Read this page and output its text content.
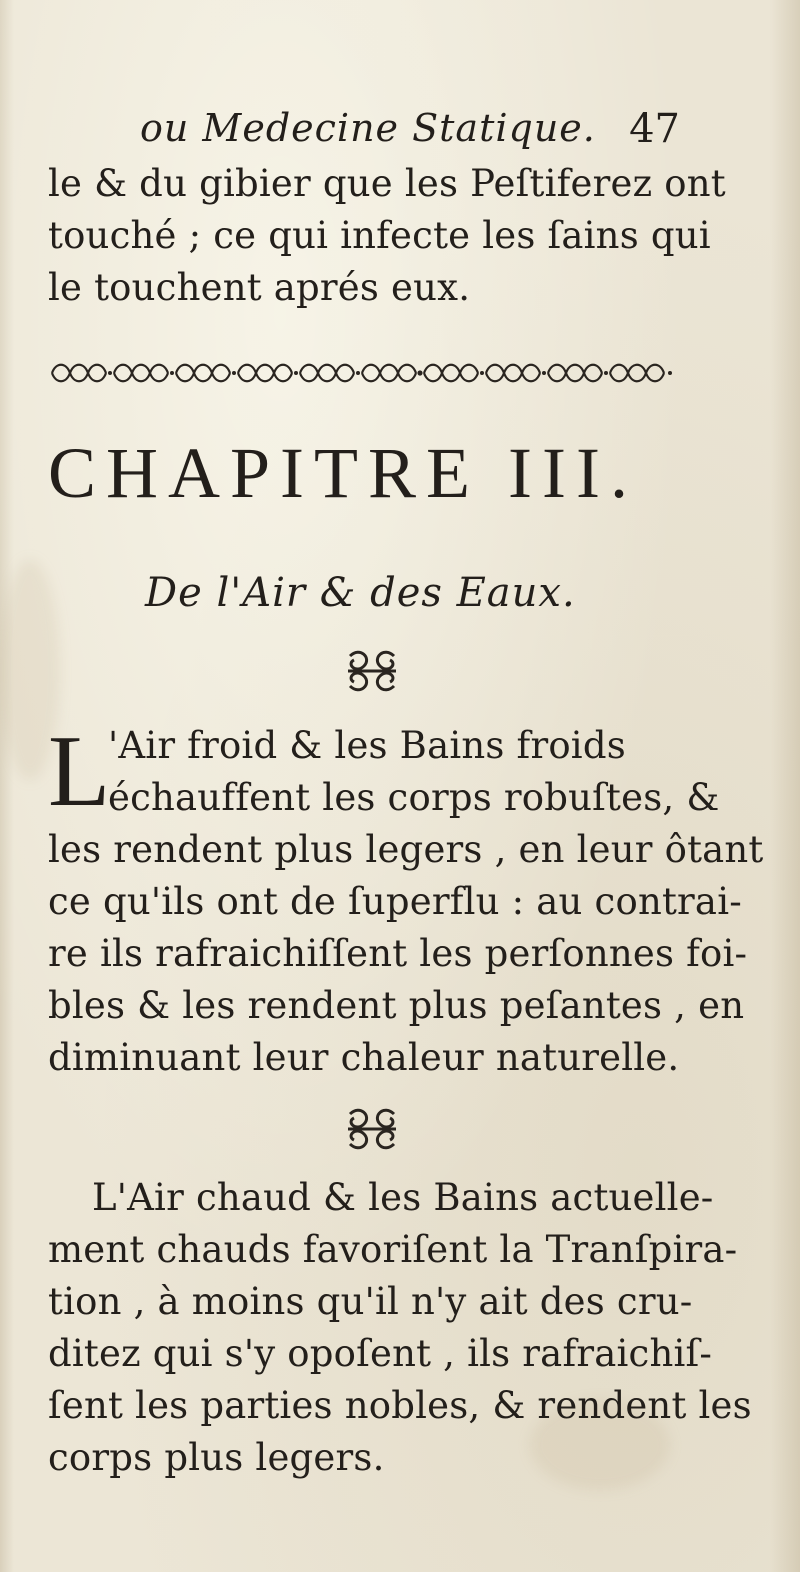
ou Medecine Statique. 47
le & du gibier que les Peſtiferez ont
touché ; ce qui infecte les ſains qui
le touchent aprés eux.
CHAPITRE III.
De l'Air & des Eaux.
L
'Air froid & les Bains froids
échauffent les corps robuſtes, &
les rendent plus legers , en leur ôtant
ce qu'ils ont de ſuperflu : au contrai-
re ils rafraichiſſent les perſonnes foi-
bles & les rendent plus peſantes , en
diminuant leur chaleur naturelle.
L'Air chaud & les Bains actuelle-
ment chauds favoriſent la Tranſpira-
tion , à moins qu'il n'y ait des cru-
ditez qui s'y opoſent , ils rafraichiſ-
ſent les parties nobles, & rendent les
corps plus legers.
